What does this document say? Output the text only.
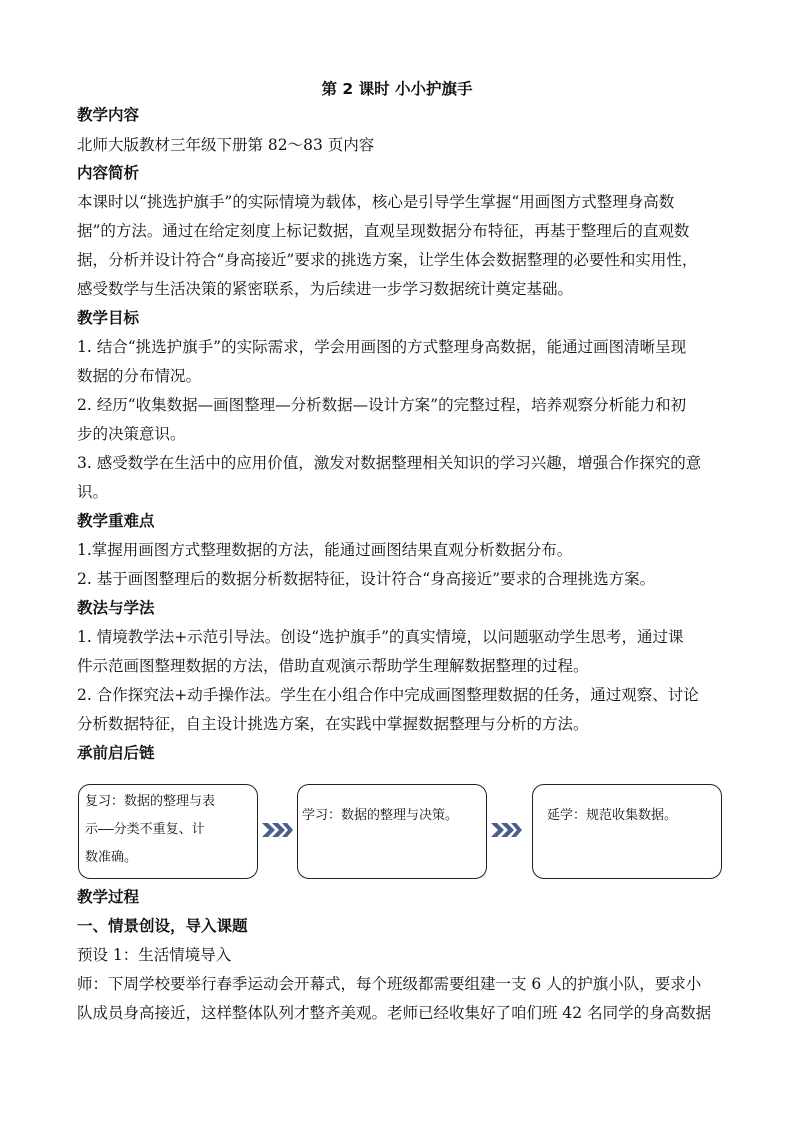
第 2 课时 小小护旗手
教学内容
北师大版教材三年级下册第 82～83 页内容
内容简析
本课时以“挑选护旗手”的实际情境为载体，核心是引导学生掌握“用画图方式整理身高数
据”的方法。通过在给定刻度上标记数据，直观呈现数据分布特征，再基于整理后的直观数
据，分析并设计符合“身高接近”要求的挑选方案，让学生体会数据整理的必要性和实用性，
感受数学与生活决策的紧密联系，为后续进一步学习数据统计奠定基础。
教学目标
1. 结合“挑选护旗手”的实际需求，学会用画图的方式整理身高数据，能通过画图清晰呈现
数据的分布情况。
2. 经历“收集数据—画图整理—分析数据—设计方案”的完整过程，培养观察分析能力和初
步的决策意识。
3. 感受数学在生活中的应用价值，激发对数据整理相关知识的学习兴趣，增强合作探究的意
识。
教学重难点
1.掌握用画图方式整理数据的方法，能通过画图结果直观分析数据分布。
2. 基于画图整理后的数据分析数据特征，设计符合“身高接近”要求的合理挑选方案。
教法与学法
1. 情境教学法+示范引导法。创设“选护旗手”的真实情境，以问题驱动学生思考，通过课
件示范画图整理数据的方法，借助直观演示帮助学生理解数据整理的过程。
2. 合作探究法+动手操作法。学生在小组合作中完成画图整理数据的任务，通过观察、讨论
分析数据特征，自主设计挑选方案，在实践中掌握数据整理与分析的方法。
承前启后链
复习：数据的整理与表
示——分类不重复、计
数准确。
学习：数据的整理与决策。	延学：规范收集数据。
教学过程
一、情景创设，导入课题
预设 1：生活情境导入
师：下周学校要举行春季运动会开幕式，每个班级都需要组建一支 6 人的护旗小队，要求小
队成员身高接近，这样整体队列才整齐美观。老师已经收集好了咱们班 42 名同学的身高数据
